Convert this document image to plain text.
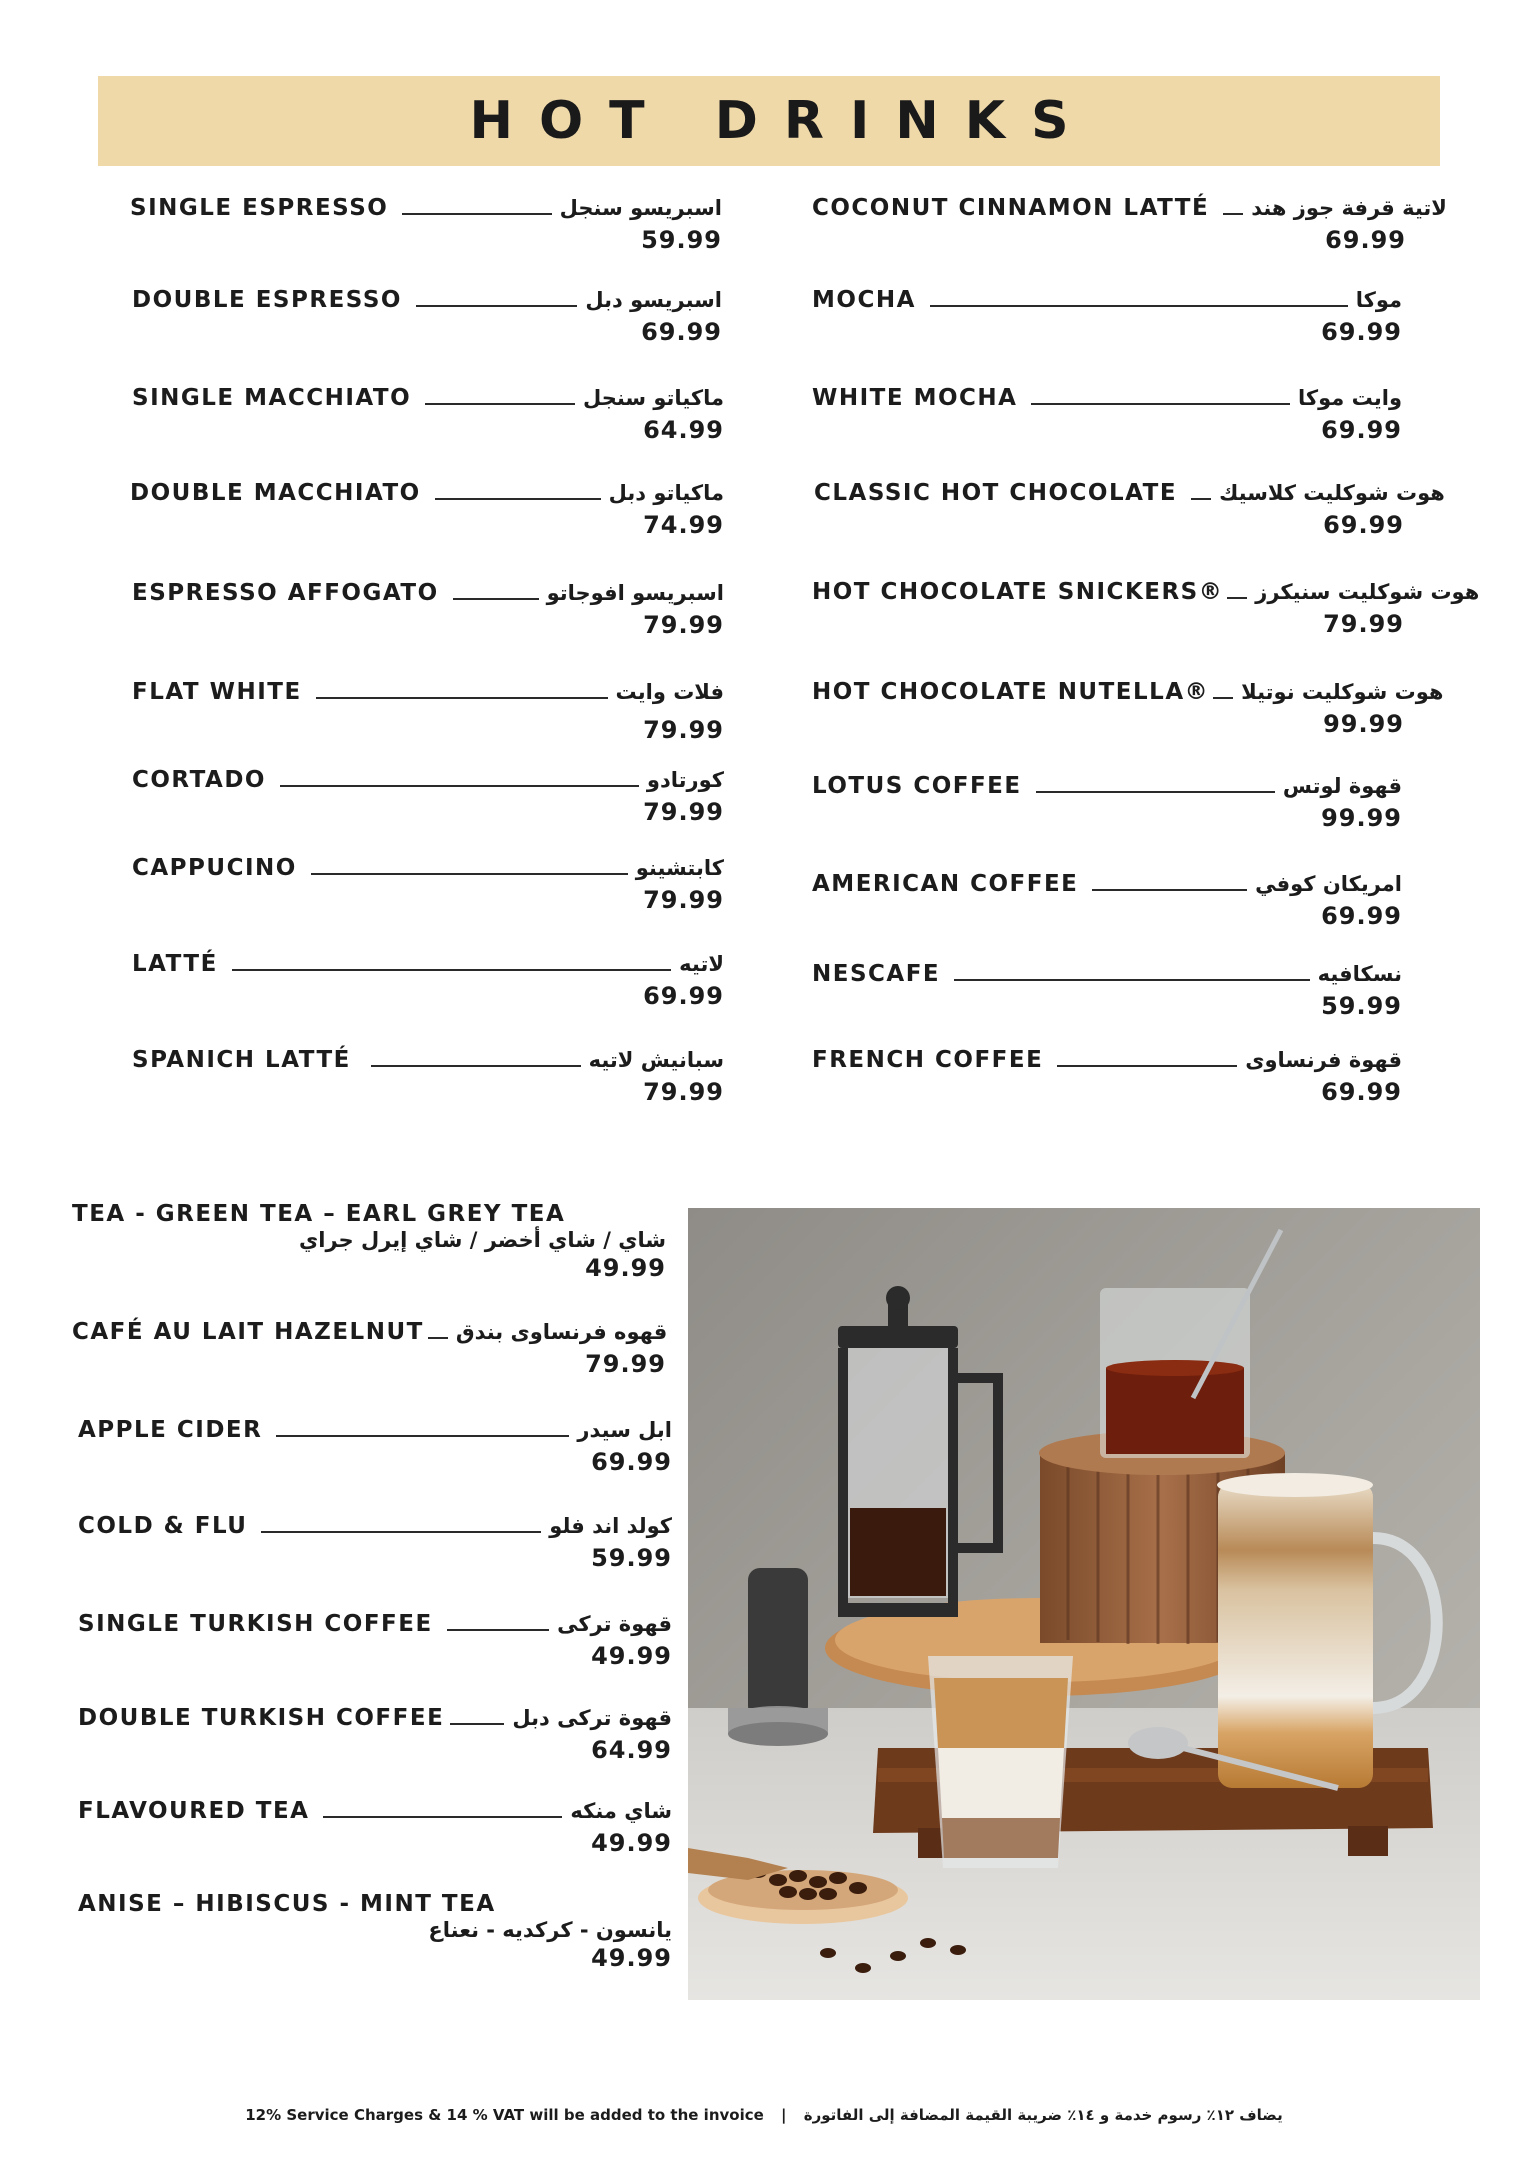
HOT DRINKS
SINGLE ESPRESSO	اسبريسو سنجل
59.99
DOUBLE ESPRESSO	اسبريسو دبل
69.99
SINGLE MACCHIATO	ماكياتو سنجل
64.99
DOUBLE MACCHIATO	ماكياتو دبل
74.99
ESPRESSO AFFOGATO	اسبريسو افوجاتو
79.99
FLAT WHITE	فلات وايت
79.99
CORTADO	كورتادو
79.99
CAPPUCINO	كابتشينو
79.99
LATTÉ	لاتيه
69.99
SPANICH LATTÉ	سبانيش لاتيه
79.99
COCONUT CINNAMON LATTÉ لاتية قرفة جوز هند
69.99
MOCHA	موكا
69.99
WHITE MOCHA	وايت موكا
69.99
CLASSIC HOT CHOCOLATE هوت شوكليت كلاسيك
69.99
HOT CHOCOLATE SNICKERS® هوت شوكليت سنيكرز
79.99
HOT CHOCOLATE NUTELLA® هوت شوكليت نوتيلا
99.99
LOTUS COFFEE	قهوة لوتس
99.99
AMERICAN COFFEE	امريكان كوفي
69.99
NESCAFE	نسكافيه
59.99
FRENCH COFFEE	قهوة فرنساوى
69.99
TEA - GREEN TEA – EARL GREY TEA
شاي / شاي أخضر / شاي إيرل جراي
49.99
CAFÉ AU LAIT HAZELNUT قهوه فرنساوى بندق
79.99
APPLE CIDER	ابل سيدر
69.99
COLD & FLU	كولد اند فلو
59.99
SINGLE TURKISH COFFEE	قهوة تركى
49.99
DOUBLE TURKISH COFFEE	قهوة تركى دبل
64.99
FLAVOURED TEA	شاي منكه
49.99
ANISE – HIBISCUS - MINT TEA
يانسون - كركديه - نعناع
49.99
12% Service Charges & 14 % VAT will be added to the invoice | يضاف ١٢٪ رسوم خدمة و ١٤٪ ضريبة القيمة المضافة إلى الفاتورة
